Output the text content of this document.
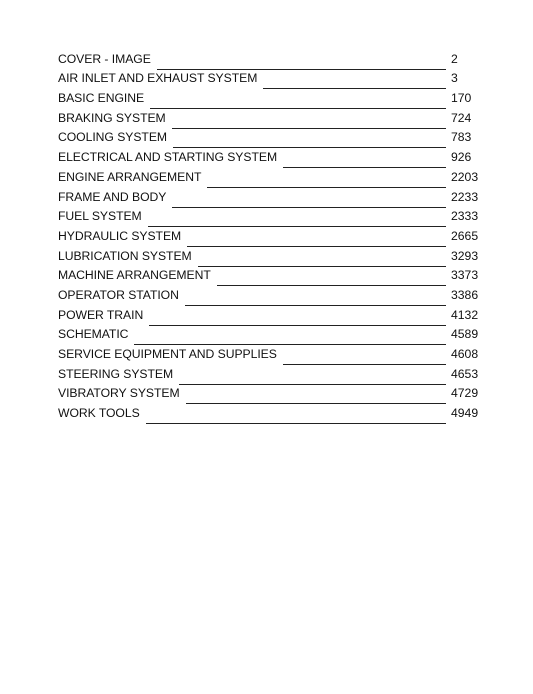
COVER - IMAGE	2
AIR INLET AND EXHAUST SYSTEM	3
BASIC ENGINE	170
BRAKING SYSTEM	724
COOLING SYSTEM	783
ELECTRICAL AND STARTING SYSTEM	926
ENGINE ARRANGEMENT	2203
FRAME AND BODY	2233
FUEL SYSTEM	2333
HYDRAULIC SYSTEM	2665
LUBRICATION SYSTEM	3293
MACHINE ARRANGEMENT	3373
OPERATOR STATION	3386
POWER TRAIN	4132
SCHEMATIC	4589
SERVICE EQUIPMENT AND SUPPLIES	4608
STEERING SYSTEM	4653
VIBRATORY SYSTEM	4729
WORK TOOLS	4949
